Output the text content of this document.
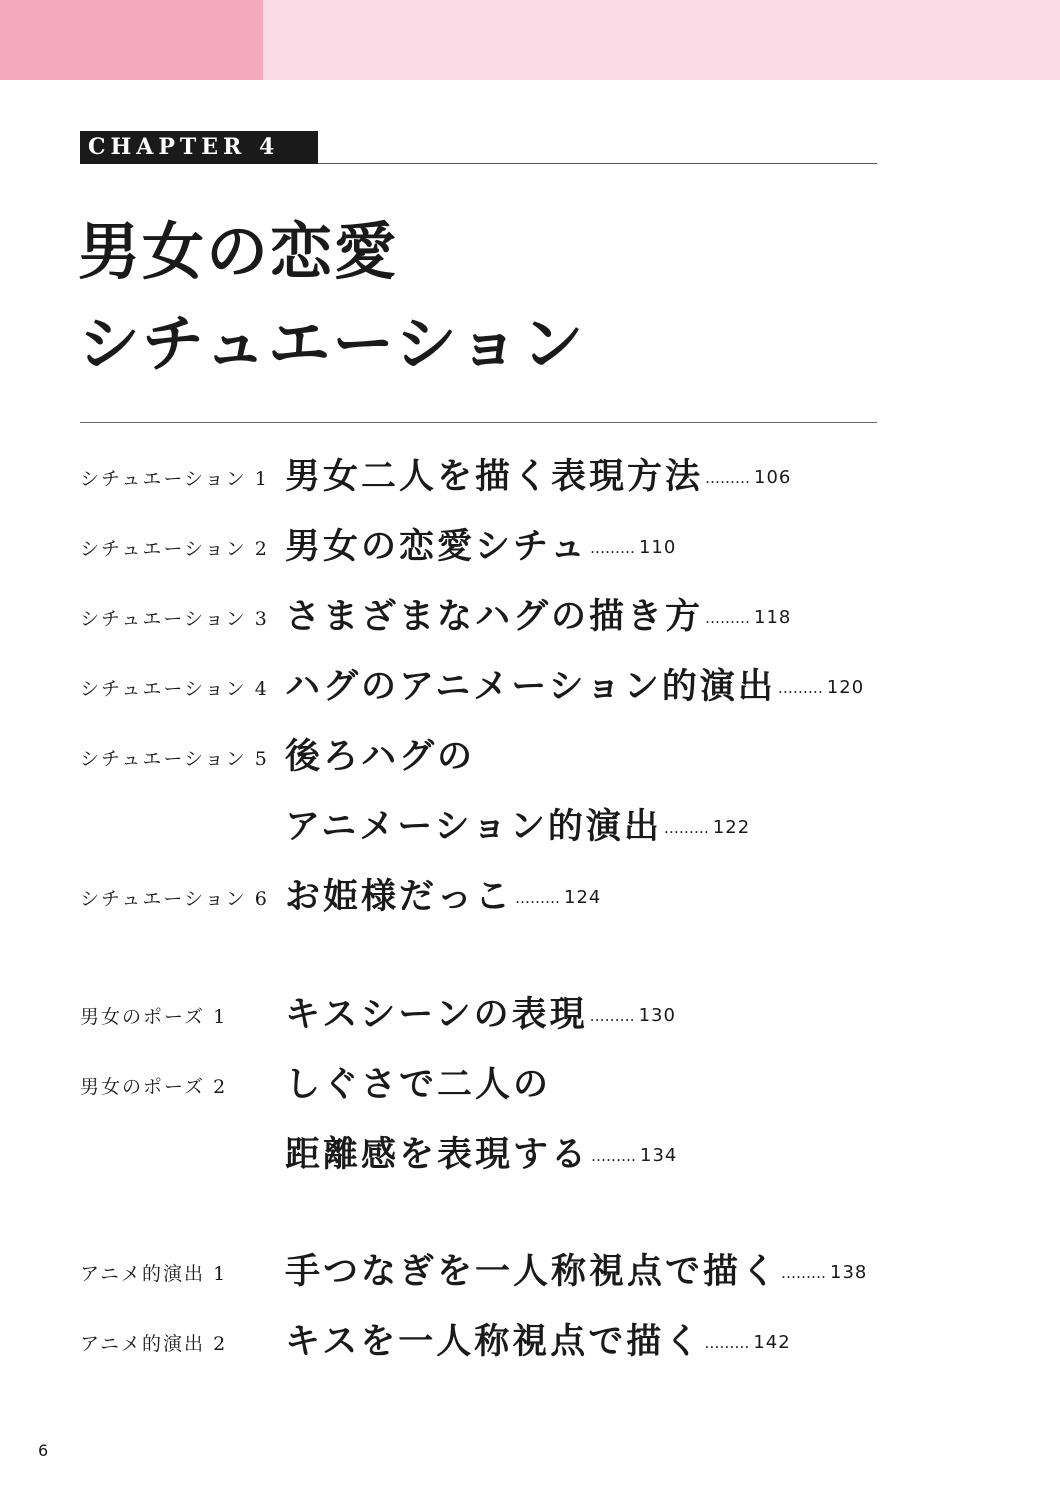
CHAPTER 4
男女の恋愛
シチュエーション
シチュエーション 1 男女二人を描く表現方法 ……… 106
シチュエーション 2 男女の恋愛シチュ ……… 110
シチュエーション 3 さまざまなハグの描き方 ……… 118
シチュエーション 4 ハグのアニメーション的演出 ……… 120
シチュエーション 5 後ろハグの
アニメーション的演出 ……… 122
シチュエーション 6 お姫様だっこ ……… 124
男女のポーズ 1	キスシーンの表現 ……… 130
男女のポーズ 2	しぐさで二人の
距離感を表現する ……… 134
アニメ的演出 1	手つなぎを一人称視点で描く ……… 138
アニメ的演出 2	キスを一人称視点で描く ……… 142
6
